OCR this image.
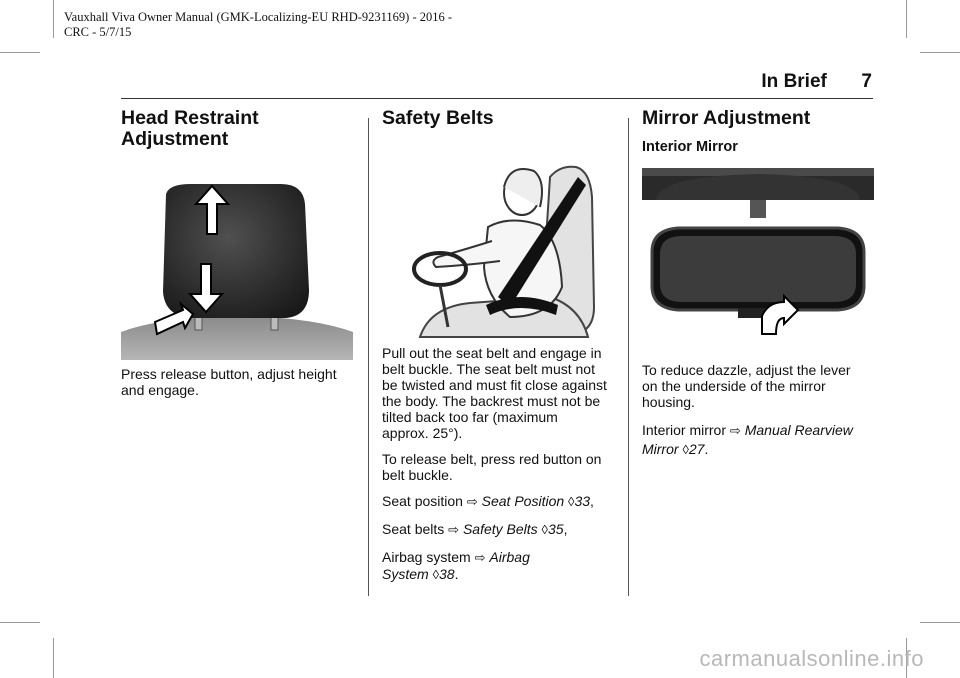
Vauxhall Viva Owner Manual (GMK-Localizing-EU RHD-9231169) - 2016 -
CRC - 5/7/15
In Brief 7
Head Restraint
Adjustment

Press release button, adjust height
and engage.

Safety Belts

Pull out the seat belt and engage in
belt buckle. The seat belt must not
be twisted and must fit close against
the body. The backrest must not be
tilted back too far (maximum
approx. 25°).

To release belt, press red button on
belt buckle.

Seat position ⇨ Seat Position ◊33,

Seat belts ⇨ Safety Belts ◊35,

Airbag system ⇨ Airbag
System ◊38.

Mirror Adjustment
Interior Mirror

To reduce dazzle, adjust the lever
on the underside of the mirror
housing.

Interior mirror ⇨ Manual Rearview
Mirror ◊27.

carmanualsonline.info
